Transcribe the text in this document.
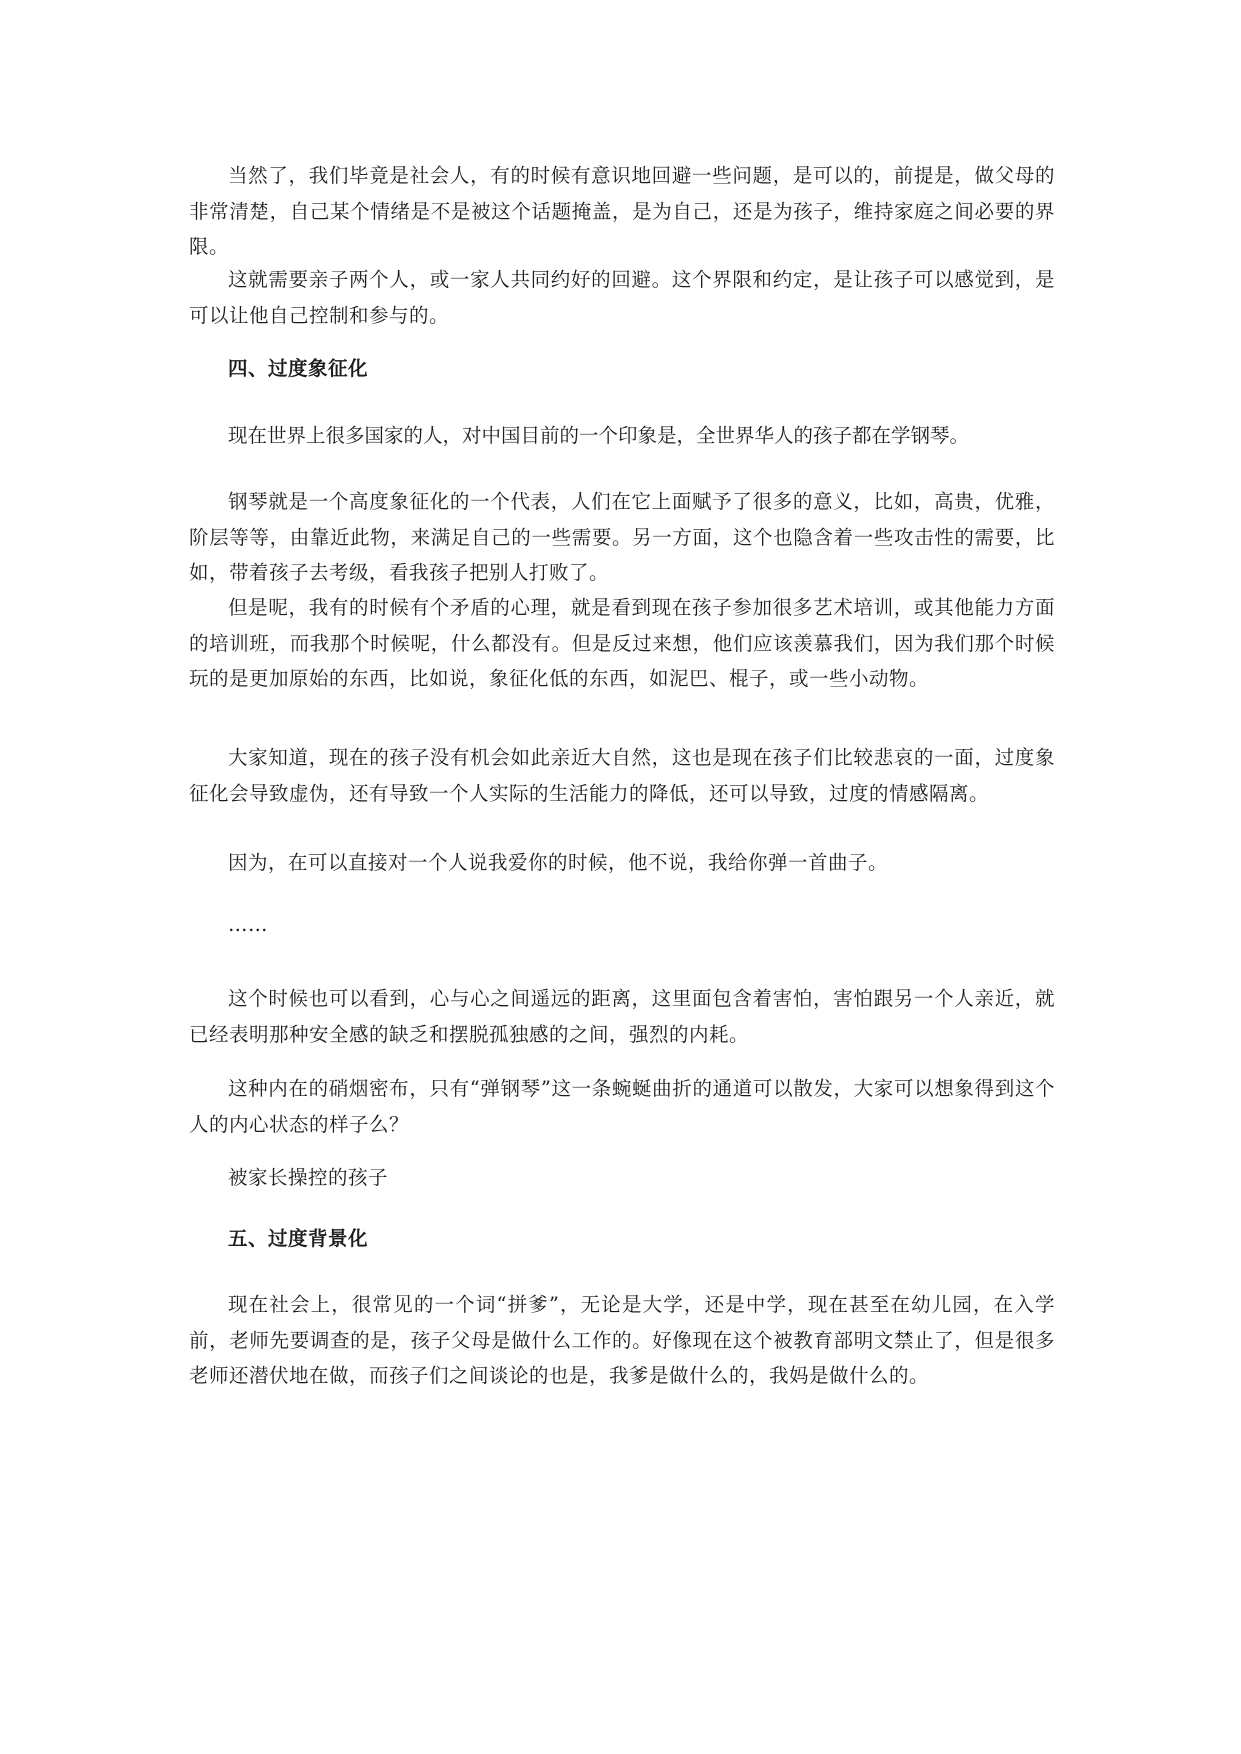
当然了，我们毕竟是社会人，有的时候有意识地回避一些问题，是可以的，前提是，做父母的非常清楚，自己某个情绪是不是被这个话题掩盖，是为自己，还是为孩子，维持家庭之间必要的界限。

这就需要亲子两个人，或一家人共同约好的回避。这个界限和约定，是让孩子可以感觉到，是可以让他自己控制和参与的。

四、过度象征化

现在世界上很多国家的人，对中国目前的一个印象是，全世界华人的孩子都在学钢琴。

钢琴就是一个高度象征化的一个代表，人们在它上面赋予了很多的意义，比如，高贵，优雅，阶层等等，由靠近此物，来满足自己的一些需要。另一方面，这个也隐含着一些攻击性的需要，比如，带着孩子去考级，看我孩子把别人打败了。

但是呢，我有的时候有个矛盾的心理，就是看到现在孩子参加很多艺术培训，或其他能力方面的培训班，而我那个时候呢，什么都没有。但是反过来想，他们应该羡慕我们，因为我们那个时候玩的是更加原始的东西，比如说，象征化低的东西，如泥巴、棍子，或一些小动物。

大家知道，现在的孩子没有机会如此亲近大自然，这也是现在孩子们比较悲哀的一面，过度象征化会导致虚伪，还有导致一个人实际的生活能力的降低，还可以导致，过度的情感隔离。

因为，在可以直接对一个人说我爱你的时候，他不说，我给你弹一首曲子。

……

这个时候也可以看到，心与心之间遥远的距离，这里面包含着害怕，害怕跟另一个人亲近，就已经表明那种安全感的缺乏和摆脱孤独感的之间，强烈的内耗。

这种内在的硝烟密布，只有“弹钢琴”这一条蜿蜒曲折的通道可以散发，大家可以想象得到这个人的内心状态的样子么？

被家长操控的孩子

五、过度背景化

现在社会上，很常见的一个词“拼爹”，无论是大学，还是中学，现在甚至在幼儿园，在入学前，老师先要调查的是，孩子父母是做什么工作的。好像现在这个被教育部明文禁止了，但是很多老师还潜伏地在做，而孩子们之间谈论的也是，我爹是做什么的，我妈是做什么的。
